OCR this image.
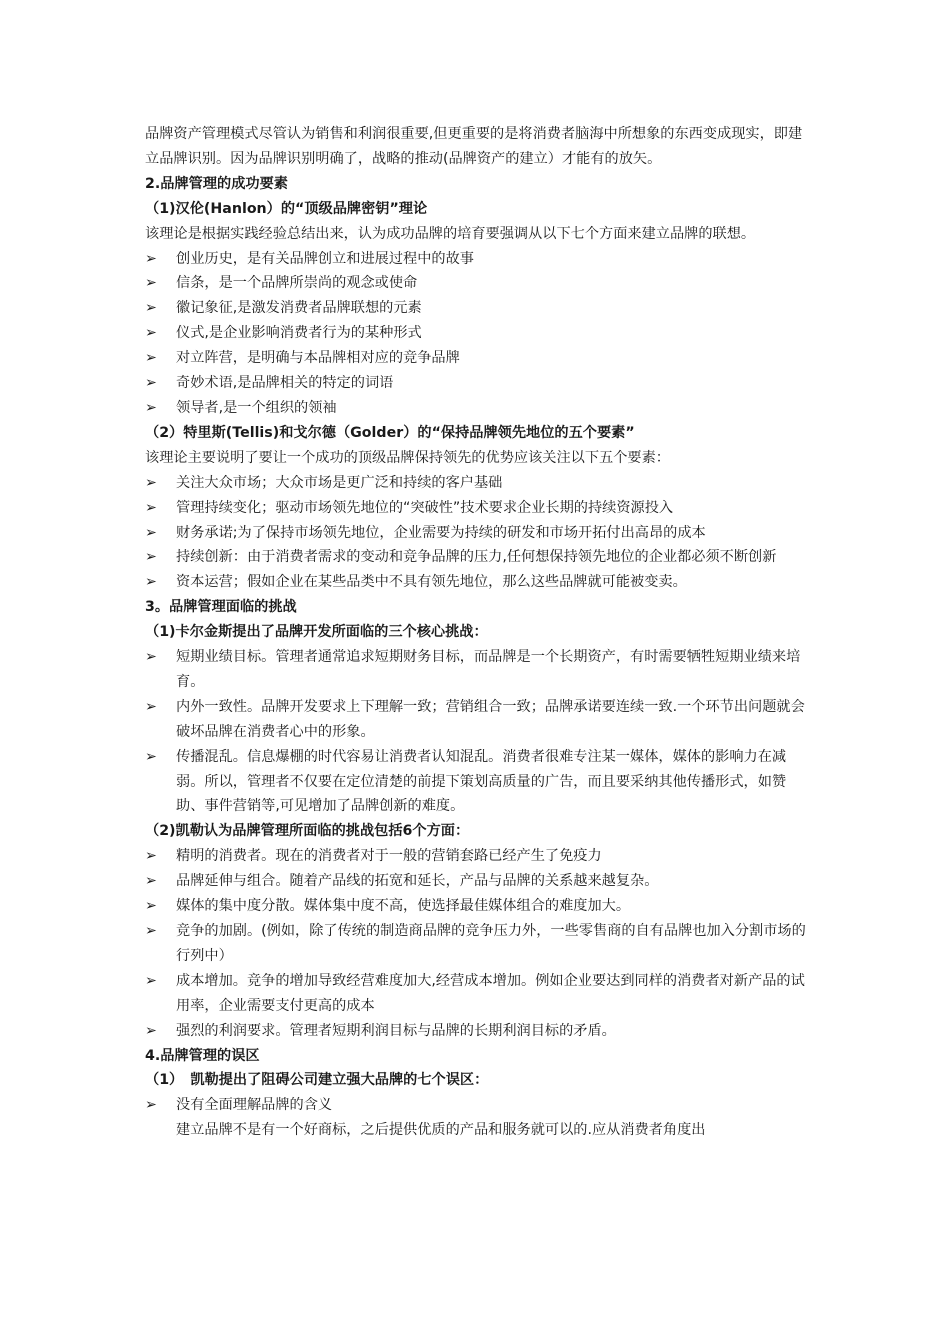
品牌资产管理模式尽管认为销售和利润很重要,但更重要的是将消费者脑海中所想象的东西变成现实，即建立品牌识别。因为品牌识别明确了，战略的推动(品牌资产的建立）才能有的放矢。

2.品牌管理的成功要素

（1)汉伦(Hanlon）的“顶级品牌密钥”理论

该理论是根据实践经验总结出来，认为成功品牌的培育要强调从以下七个方面来建立品牌的联想。

➢	创业历史，是有关品牌创立和进展过程中的故事
➢	信条，是一个品牌所崇尚的观念或使命
➢	徽记象征,是激发消费者品牌联想的元素
➢	仪式,是企业影响消费者行为的某种形式
➢	对立阵营，是明确与本品牌相对应的竞争品牌
➢	奇妙术语,是品牌相关的特定的词语
➢	领导者,是一个组织的领袖

（2）特里斯(Tellis)和戈尔德（Golder）的“保持品牌领先地位的五个要素”

该理论主要说明了要让一个成功的顶级品牌保持领先的优势应该关注以下五个要素：

➢	关注大众市场；大众市场是更广泛和持续的客户基础
➢	管理持续变化；驱动市场领先地位的“突破性”技术要求企业长期的持续资源投入
➢	财务承诺;为了保持市场领先地位，企业需要为持续的研发和市场开拓付出高昂的成本
➢	持续创新：由于消费者需求的变动和竞争品牌的压力,任何想保持领先地位的企业都必须不断创新
➢	资本运营；假如企业在某些品类中不具有领先地位，那么这些品牌就可能被变卖。

3。品牌管理面临的挑战

（1)卡尔金斯提出了品牌开发所面临的三个核心挑战：

➢	短期业绩目标。管理者通常追求短期财务目标，而品牌是一个长期资产，有时需要牺牲短期业绩来培育。
➢	内外一致性。品牌开发要求上下理解一致；营销组合一致；品牌承诺要连续一致.一个环节出问题就会破坏品牌在消费者心中的形象。
➢	传播混乱。信息爆棚的时代容易让消费者认知混乱。消费者很难专注某一媒体，媒体的影响力在减弱。所以，管理者不仅要在定位清楚的前提下策划高质量的广告，而且要采纳其他传播形式，如赞助、事件营销等,可见增加了品牌创新的难度。

（2)凯勒认为品牌管理所面临的挑战包括6个方面：

➢	精明的消费者。现在的消费者对于一般的营销套路已经产生了免疫力
➢	品牌延伸与组合。随着产品线的拓宽和延长，产品与品牌的关系越来越复杂。
➢	媒体的集中度分散。媒体集中度不高，使选择最佳媒体组合的难度加大。
➢	竞争的加剧。(例如，除了传统的制造商品牌的竞争压力外，一些零售商的自有品牌也加入分割市场的行列中）
➢	成本增加。竞争的增加导致经营难度加大,经营成本增加。例如企业要达到同样的消费者对新产品的试用率，企业需要支付更高的成本
➢	强烈的利润要求。管理者短期利润目标与品牌的长期利润目标的矛盾。

4.品牌管理的误区

（1）　凯勒提出了阻碍公司建立强大品牌的七个误区：

➢	没有全面理解品牌的含义

建立品牌不是有一个好商标，之后提供优质的产品和服务就可以的.应从消费者角度出
